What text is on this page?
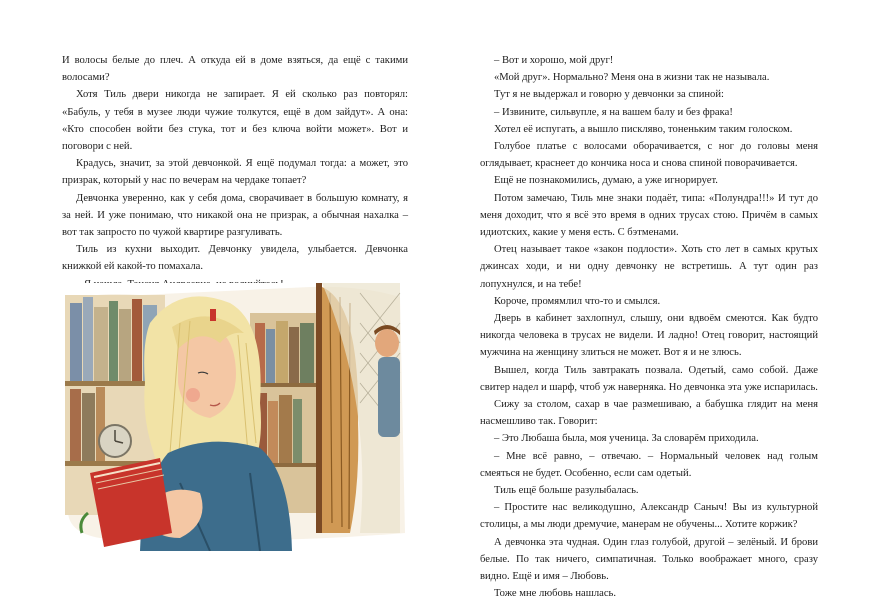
И волосы белые до плеч. А откуда ей в доме взяться, да ещё с такими волосами?

Хотя Тиль двери никогда не запирает. Я ей сколько раз повторял: «Бабуль, у тебя в музее люди чужие толкутся, ещё в дом зайдут». А она: «Кто способен войти без стука, тот и без ключа войти может». Вот и поговори с ней.

Крадусь, значит, за этой девчонкой. Я ещё подумал тогда: а может, это призрак, который у нас по вечерам на чердаке топает?

Девчонка уверенно, как у себя дома, сворачивает в большую комнату, я за ней. И уже понимаю, что никакой она не призрак, а обычная нахалка – вот так запросто по чужой квартире разгуливать.

Тиль из кухни выходит. Девчонку увидела, улыбается. Девчонка книжкой ей какой-то помахала.

– Вот и хорошо, мой друг!

«Мой друг». Нормально? Меня она в жизни так не называла.

Тут я не выдержал и говорю у девчонки за спиной:

– Извините, сильвупле, я на вашем балу и без фрака!

Хотел её испугать, а вышло пискляво, тоненьким таким голоском.

Голубое платье с волосами оборачивается, с ног до головы меня оглядывает, краснеет до кончика носа и снова спиной поворачивается.

Ещё не познакомились, думаю, а уже игнорирует.

Потом замечаю, Тиль мне знаки подаёт, типа: «Полундра!!!» И тут до меня доходит, что я всё это время в одних трусах стою. Причём в самых идиотских, какие у меня есть. С бэтменами.

Отец называет такое «закон подлости». Хоть сто лет в самых крутых джинсах ходи, и ни одну девчонку не встретишь. А тут один раз лопухнулся, и на тебе!

Короче, промямлил что-то и смылся.

Дверь в кабинет захлопнул, слышу, они вдвоём смеются. Как будто никогда человека в трусах не видели. И ладно! Отец говорит, настоящий мужчина на женщину злиться не может. Вот я и не злюсь.

Вышел, когда Тиль завтракать позвала. Одетый, само собой. Даже свитер надел и шарф, чтоб уж наверняка. Но девчонка эта уже испарилась.

Сижу за столом, сахар в чае размешиваю, а бабушка глядит на меня насмешливо так. Говорит:

– Это Любаша была, моя ученица. За словарём приходила.

– Мне всё равно, – отвечаю. – Нормальный человек над голым смеяться не будет. Особенно, если сам одетый.

Тиль ещё больше разулыбалась.

– Простите нас великодушно, Александр Саныч! Вы из культурной столицы, а мы люди дремучие, манерам не обучены... Хотите коржик?

А девчонка эта чудная. Один глаз голубой, другой – зелёный. И брови белые. По так ничего, симпатичная. Только воображает много, сразу видно. Ещё и имя – Любовь.

Тоже мне любовь нашлась.
